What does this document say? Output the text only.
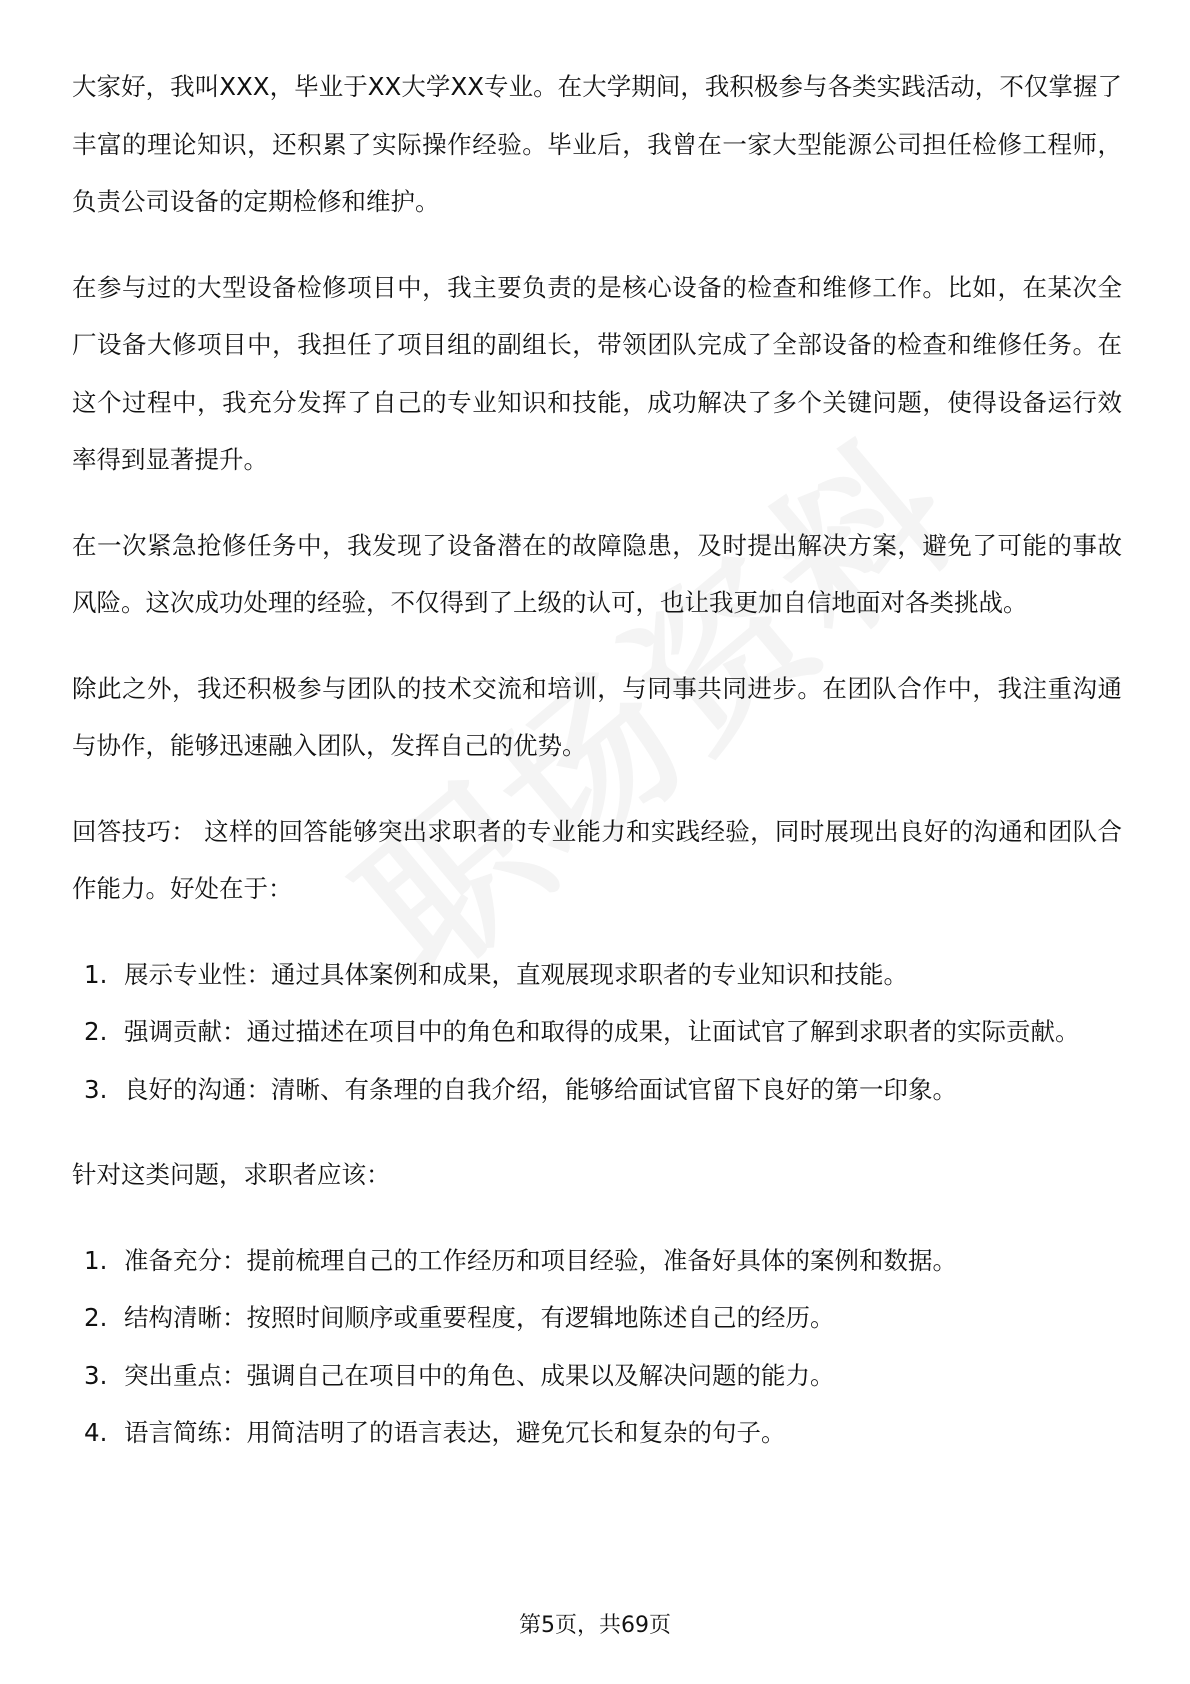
大家好，我叫XXX，毕业于XX大学XX专业。在大学期间，我积极参与各类实践活动，不仅掌握了丰富的理论知识，还积累了实际操作经验。毕业后，我曾在一家大型能源公司担任检修工程师，负责公司设备的定期检修和维护。

在参与过的大型设备检修项目中，我主要负责的是核心设备的检查和维修工作。比如，在某次全厂设备大修项目中，我担任了项目组的副组长，带领团队完成了全部设备的检查和维修任务。在这个过程中，我充分发挥了自己的专业知识和技能，成功解决了多个关键问题，使得设备运行效率得到显著提升。

在一次紧急抢修任务中，我发现了设备潜在的故障隐患，及时提出解决方案，避免了可能的事故风险。这次成功处理的经验，不仅得到了上级的认可，也让我更加自信地面对各类挑战。

除此之外，我还积极参与团队的技术交流和培训，与同事共同进步。在团队合作中，我注重沟通与协作，能够迅速融入团队，发挥自己的优势。

回答技巧： 这样的回答能够突出求职者的专业能力和实践经验，同时展现出良好的沟通和团队合作能力。好处在于：

1. 展示专业性：通过具体案例和成果，直观展现求职者的专业知识和技能。
2. 强调贡献：通过描述在项目中的角色和取得的成果，让面试官了解到求职者的实际贡献。
3. 良好的沟通：清晰、有条理的自我介绍，能够给面试官留下良好的第一印象。

针对这类问题，求职者应该：

1. 准备充分：提前梳理自己的工作经历和项目经验，准备好具体的案例和数据。
2. 结构清晰：按照时间顺序或重要程度，有逻辑地陈述自己的经历。
3. 突出重点：强调自己在项目中的角色、成果以及解决问题的能力。
4. 语言简练：用简洁明了的语言表达，避免冗长和复杂的句子。
第5页，共69页
